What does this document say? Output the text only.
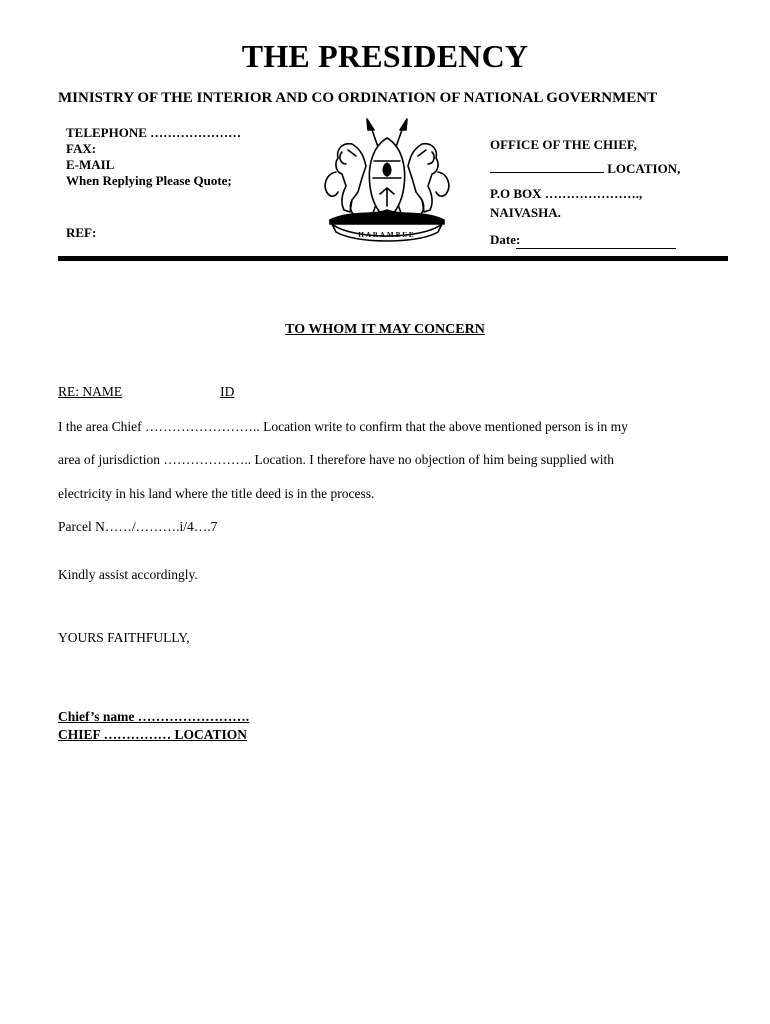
THE PRESIDENCY
MINISTRY OF THE INTERIOR AND CO ORDINATION OF NATIONAL GOVERNMENT
TELEPHONE …………………
FAX:
E-MAIL
When Replying Please Quote;
REF:	HARAMBEE
OFFICE OF THE CHIEF,
LOCATION,
P.O BOX ………………….,
NAIVASHA.
Date:
TO WHOM IT MAY CONCERN
RE: NAME	ID
I the area Chief …………………….. Location write to confirm that the above mentioned person is in my
area of jurisdiction ……………….. Location. I therefore have no objection of him being supplied with
electricity in his land where the title deed is in the process.
Parcel N……/……….i/4….7
Kindly assist accordingly.
YOURS FAITHFULLY,
Chief’s name …………………….
CHIEF …………… LOCATION
